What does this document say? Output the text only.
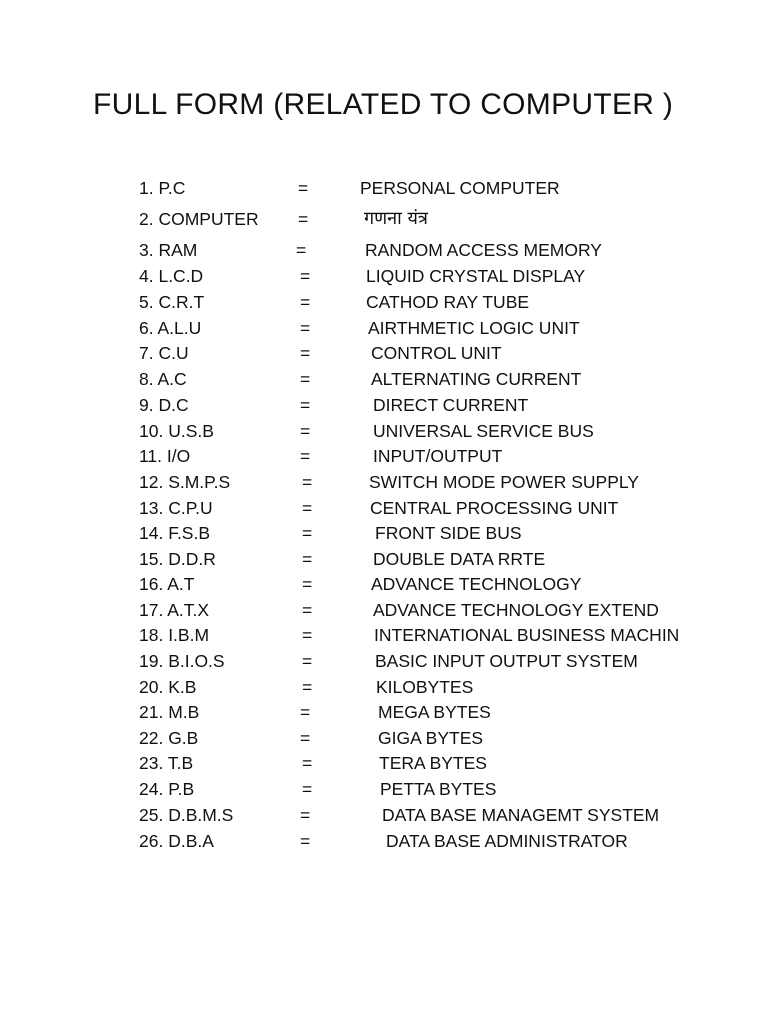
FULL FORM (RELATED TO COMPUTER )
1. P.C	=	PERSONAL COMPUTER
2. COMPUTER =	गणना यंत्र
3. RAM	=	RANDOM ACCESS MEMORY
4. L.C.D	=	LIQUID CRYSTAL DISPLAY
5. C.R.T	=	CATHOD RAY TUBE
6. A.L.U	=	AIRTHMETIC LOGIC UNIT
7. C.U	=	CONTROL UNIT
8. A.C	=	ALTERNATING CURRENT
9. D.C	=	DIRECT CURRENT
10. U.S.B	=	UNIVERSAL SERVICE BUS
11. I/O	=	INPUT/OUTPUT
12. S.M.P.S	=	SWITCH MODE POWER SUPPLY
13. C.P.U	=	CENTRAL PROCESSING UNIT
14. F.S.B	=	FRONT SIDE BUS
15. D.D.R	=	DOUBLE DATA RRTE
16. A.T	=	ADVANCE TECHNOLOGY
17. A.T.X	=	ADVANCE TECHNOLOGY EXTEND
18. I.B.M	=	INTERNATIONAL BUSINESS MACHIN
19. B.I.O.S	=	BASIC INPUT OUTPUT SYSTEM
20. K.B	=	KILOBYTES
21. M.B	=	MEGA BYTES
22. G.B	=	GIGA BYTES
23. T.B	=	TERA BYTES
24. P.B	=	PETTA BYTES
25. D.B.M.S	=	DATA BASE MANAGEMT SYSTEM
26. D.B.A	=	DATA BASE ADMINISTRATOR
